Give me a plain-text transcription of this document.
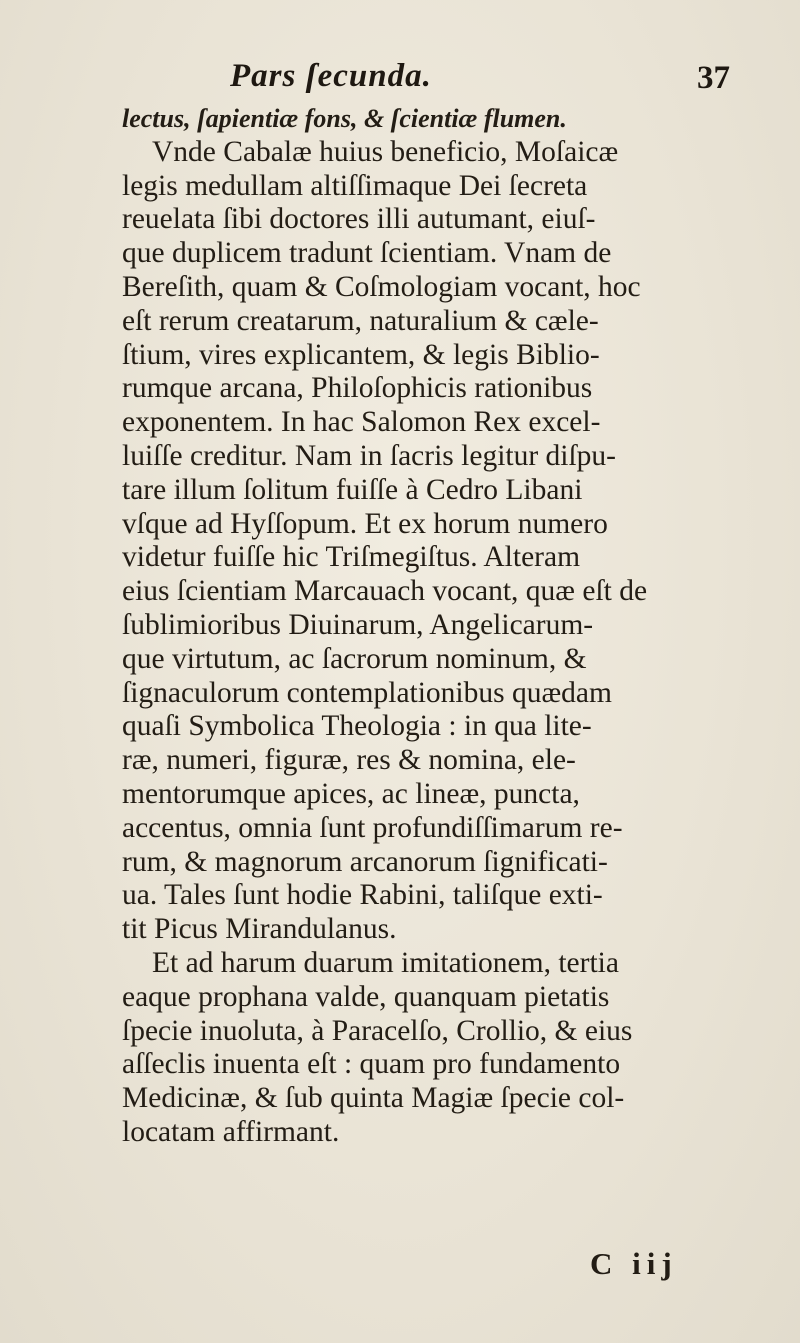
Pars ſecunda.	37
lectus, ſapientiæ fons, & ſcientiæ flumen.
Vnde Cabalæ huius beneficio, Moſaicæ
legis medullam altiſſimaque Dei ſecreta
reuelata ſibi doctores illi autumant, eiuſ-
que duplicem tradunt ſcientiam. Vnam de
Bereſith, quam & Coſmologiam vocant, hoc
eſt rerum creatarum, naturalium & cæle-
ſtium, vires explicantem, & legis Biblio-
rumque arcana, Philoſophicis rationibus
exponentem. In hac Salomon Rex excel-
luiſſe creditur. Nam in ſacris legitur diſpu-
tare illum ſolitum fuiſſe à Cedro Libani
vſque ad Hyſſopum. Et ex horum numero
videtur fuiſſe hic Triſmegiſtus. Alteram
eius ſcientiam Marcauach vocant, quæ eſt de
ſublimioribus Diuinarum, Angelicarum-
que virtutum, ac ſacrorum nominum, &
ſignaculorum contemplationibus quædam
quaſi Symbolica Theologia : in qua lite-
ræ, numeri, figuræ, res & nomina, ele-
mentorumque apices, ac lineæ, puncta,
accentus, omnia ſunt profundiſſimarum re-
rum, & magnorum arcanorum ſignificati-
ua. Tales ſunt hodie Rabini, taliſque exti-
tit Picus Mirandulanus.
Et ad harum duarum imitationem, tertia
eaque prophana valde, quanquam pietatis
ſpecie inuoluta, à Paracelſo, Crollio, & eius
aſſeclis inuenta eſt : quam pro fundamento
Medicinæ, & ſub quinta Magiæ ſpecie col-
locatam affirmant.
C iij
